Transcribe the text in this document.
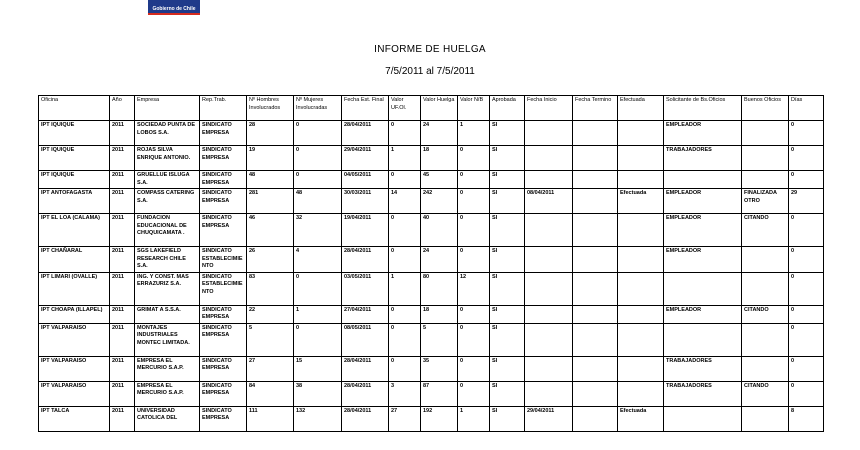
Gobierno de Chile
INFORME DE HUELGA
7/5/2011 al 7/5/2011
Oficina	Año	Empresa	Rep.Trab.	Nº Hombres Involucrados	Nº Mujeres Involucradas	Fecha Est. Final	Valor UF.Ol.	Valor Huelga	Valor N/B	Aprobada	Fecha Inicio	Fecha Termino	Efectuada	Solicitante de Bs.Oficios	Buenos Oficios	Días
IPT IQUIQUE	2011	SOCIEDAD PUNTA DE LOBOS S.A.	SINDICATO EMPRESA	28	0	28/04/2011	0	24	1	SI				EMPLEADOR		0
IPT IQUIQUE	2011	ROJAS SILVA ENRIQUE ANTONIO.	SINDICATO EMPRESA	19	0	29/04/2011	1	18	0	SI				TRABAJADORES		0
IPT IQUIQUE	2011	GRUELLUE ISLUGA S.A.	SINDICATO EMPRESA	48	0	04/05/2011	0	45	0	SI						0
IPT ANTOFAGASTA	2011	COMPASS CATERING S.A.	SINDICATO EMPRESA	281	48	30/03/2011	14	242	0	SI	08/04/2011		Efectuada	EMPLEADOR	FINALIZADA OTRO	29
IPT EL LOA (CALAMA)	2011	FUNDACION EDUCACIONAL DE CHUQUICAMATA .	SINDICATO EMPRESA	46	32	19/04/2011	0	40	0	SI				EMPLEADOR	CITANDO	0
IPT CHAÑARAL	2011	SGS LAKEFIELD RESEARCH CHILE S.A.	SINDICATO ESTABLECIMIENTO	26	4	28/04/2011	0	24	0	SI				EMPLEADOR		0
IPT LIMARI (OVALLE)	2011	ING. Y CONST. MAS ERRAZURIZ S.A.	SINDICATO ESTABLECIMIENTO	83	0	03/05/2011	1	80	12	SI						0
IPT CHOAPA (ILLAPEL)	2011	GRIMAT A S.S.A.	SINDICATO EMPRESA	22	1	27/04/2011	0	18	0	SI				EMPLEADOR	CITANDO	0
IPT VALPARAISO	2011	MONTAJES INDUSTRIALES MONTEC LIMITADA.	SINDICATO EMPRESA	5	0	08/05/2011	0	5	0	SI						0
IPT VALPARAISO	2011	EMPRESA EL MERCURIO S.A.P.	SINDICATO EMPRESA	27	15	28/04/2011	0	35	0	SI				TRABAJADORES		0
IPT VALPARAISO	2011	EMPRESA EL MERCURIO S.A.P.	SINDICATO EMPRESA	84	38	28/04/2011	3	87	0	SI				TRABAJADORES	CITANDO	0
IPT TALCA	2011	UNIVERSIDAD CATOLICA DEL	SINDICATO EMPRESA	111	132	28/04/2011	27	192	1	SI	29/04/2011		Efectuada			8
